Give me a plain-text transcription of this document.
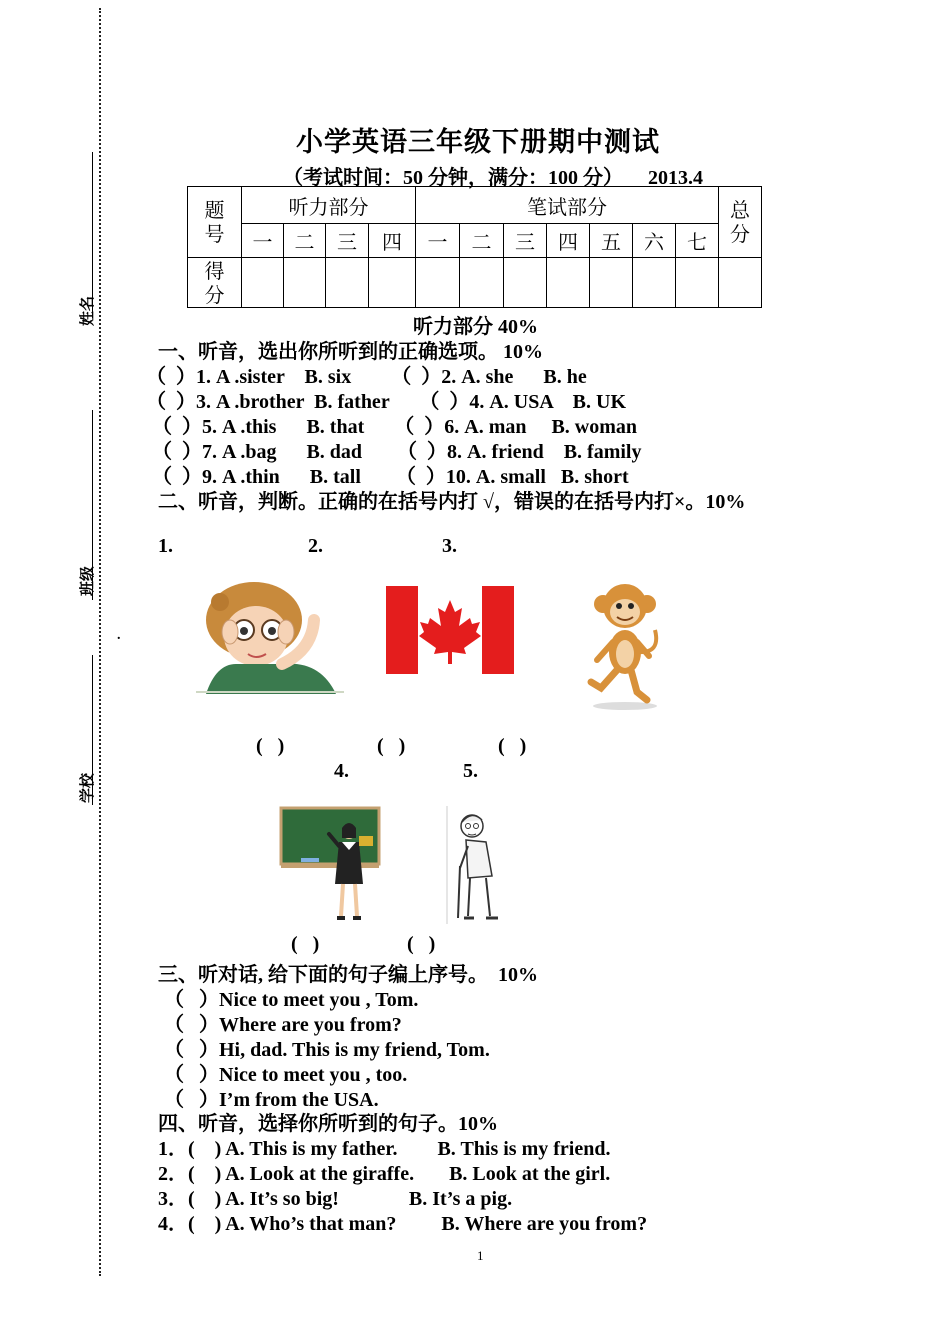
姓名
班级
学校
.
小学英语三年级下册期中测试
（考试时间：50 分钟，满分：100 分）     2013.4
题号	听力部分				笔试部分							总分
	一	二	三	四	一	二	三	四	五	六	七	
得分												
听力部分 40%
一、听音，选出你所听到的正确选项。 10%
（  ）1. A .sister    B. six        （  ）2. A. she      B. he
（  ）3. A .brother  B. father      （  ）4. A. USA    B. UK
（  ）5. A .this      B. that      （  ）6. A. man     B. woman
（  ）7. A .bag      B. dad       （  ）8. A. friend    B. family
（  ）9. A .thin      B. tall       （  ）10. A. small   B. short
二、听音，判断。正确的在括号内打 √，错误的在括号内打×。10%
1.	2.	3.
(   )	(   )	(   )
4.	5.
(   )	(   )
三、听对话, 给下面的句子编上序号。  10%
（   ）Nice to meet you , Tom.
（   ）Where are you from?
（   ）Hi, dad. This is my friend, Tom.
（   ）Nice to meet you , too.
（   ）I’m from the USA.
四、听音，选择你所听到的句子。10%
1．(    ) A. This is my father.        B. This is my friend.
2．(    ) A. Look at the giraffe.       B. Look at the girl.
3．(    ) A. It’s so big!              B. It’s a pig.
4．(    ) A. Who’s that man?         B. Where are you from?
1
